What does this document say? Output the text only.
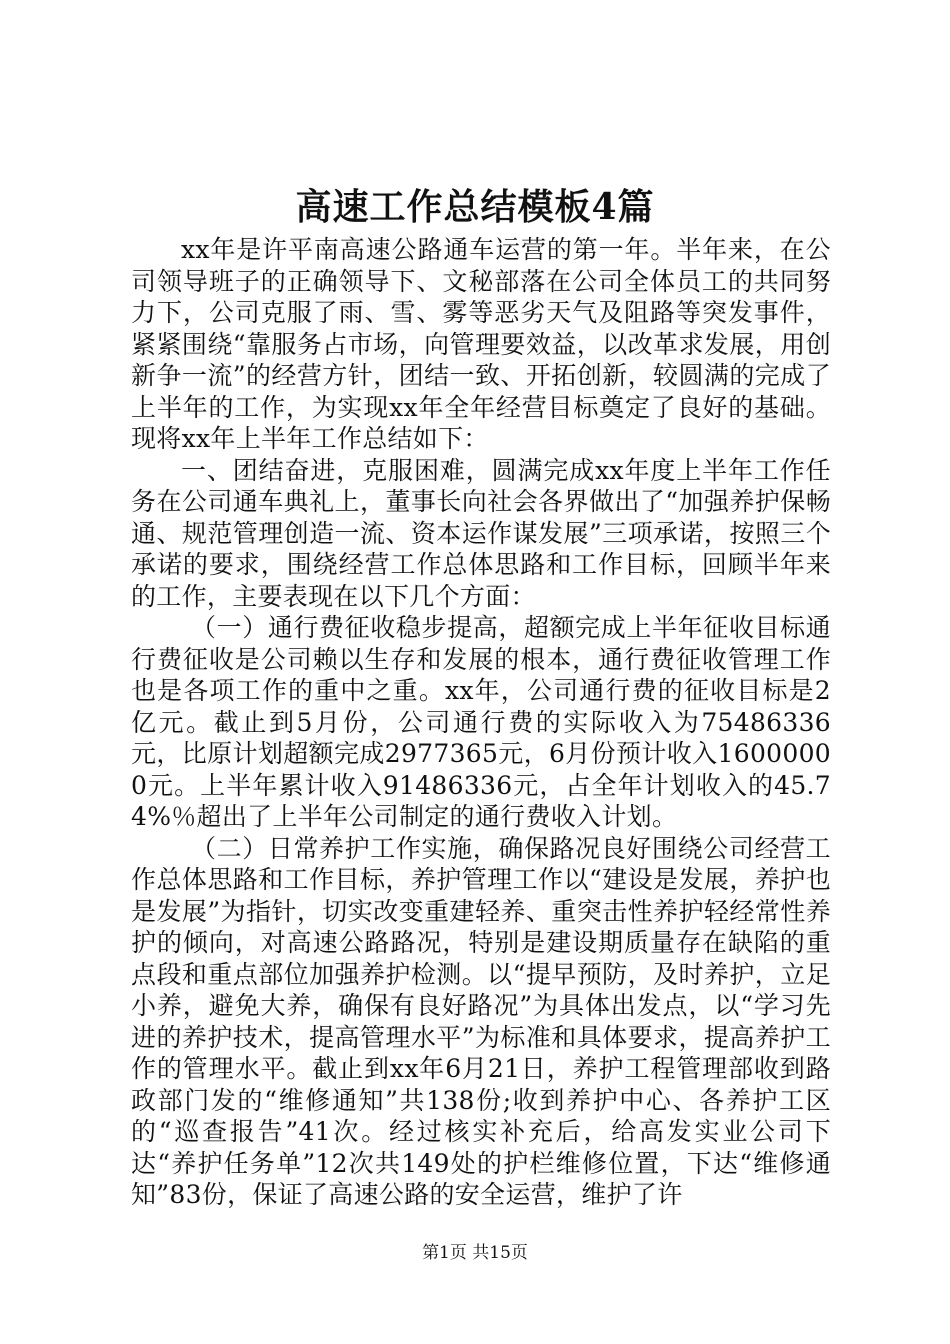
高速工作总结模板4篇

xx年是许平南高速公路通车运营的第一年。半年来，在公司领导班子的正确领导下、文秘部落在公司全体员工的共同努力下，公司克服了雨、雪、雾等恶劣天气及阻路等突发事件，紧紧围绕“靠服务占市场，向管理要效益，以改革求发展，用创新争一流”的经营方针，团结一致、开拓创新，较圆满的完成了上半年的工作，为实现xx年全年经营目标奠定了良好的基础。现将xx年上半年工作总结如下：

一、团结奋进，克服困难，圆满完成xx年度上半年工作任务在公司通车典礼上，董事长向社会各界做出了“加强养护保畅通、规范管理创造一流、资本运作谋发展”三项承诺，按照三个承诺的要求，围绕经营工作总体思路和工作目标，回顾半年来的工作，主要表现在以下几个方面：

（一）通行费征收稳步提高，超额完成上半年征收目标通行费征收是公司赖以生存和发展的根本，通行费征收管理工作也是各项工作的重中之重。xx年，公司通行费的征收目标是2亿元。截止到5月份，公司通行费的实际收入为75486336元，比原计划超额完成2977365元，6月份预计收入16000000元。上半年累计收入91486336元，占全年计划收入的45.74%％超出了上半年公司制定的通行费收入计划。

（二）日常养护工作实施，确保路况良好围绕公司经营工作总体思路和工作目标，养护管理工作以“建设是发展，养护也是发展”为指针，切实改变重建轻养、重突击性养护轻经常性养护的倾向，对高速公路路况，特别是建设期质量存在缺陷的重点段和重点部位加强养护检测。以“提早预防，及时养护，立足小养，避免大养，确保有良好路况”为具体出发点，以“学习先进的养护技术，提高管理水平”为标准和具体要求，提高养护工作的管理水平。截止到xx年6月21日，养护工程管理部收到路政部门发的“维修通知”共138份;收到养护中心、各养护工区的“巡查报告”41次。经过核实补充后，给高发实业公司下达“养护任务单”12次共149处的护栏维修位置，下达“维修通知”83份，保证了高速公路的安全运营，维护了许

第1页 共15页
